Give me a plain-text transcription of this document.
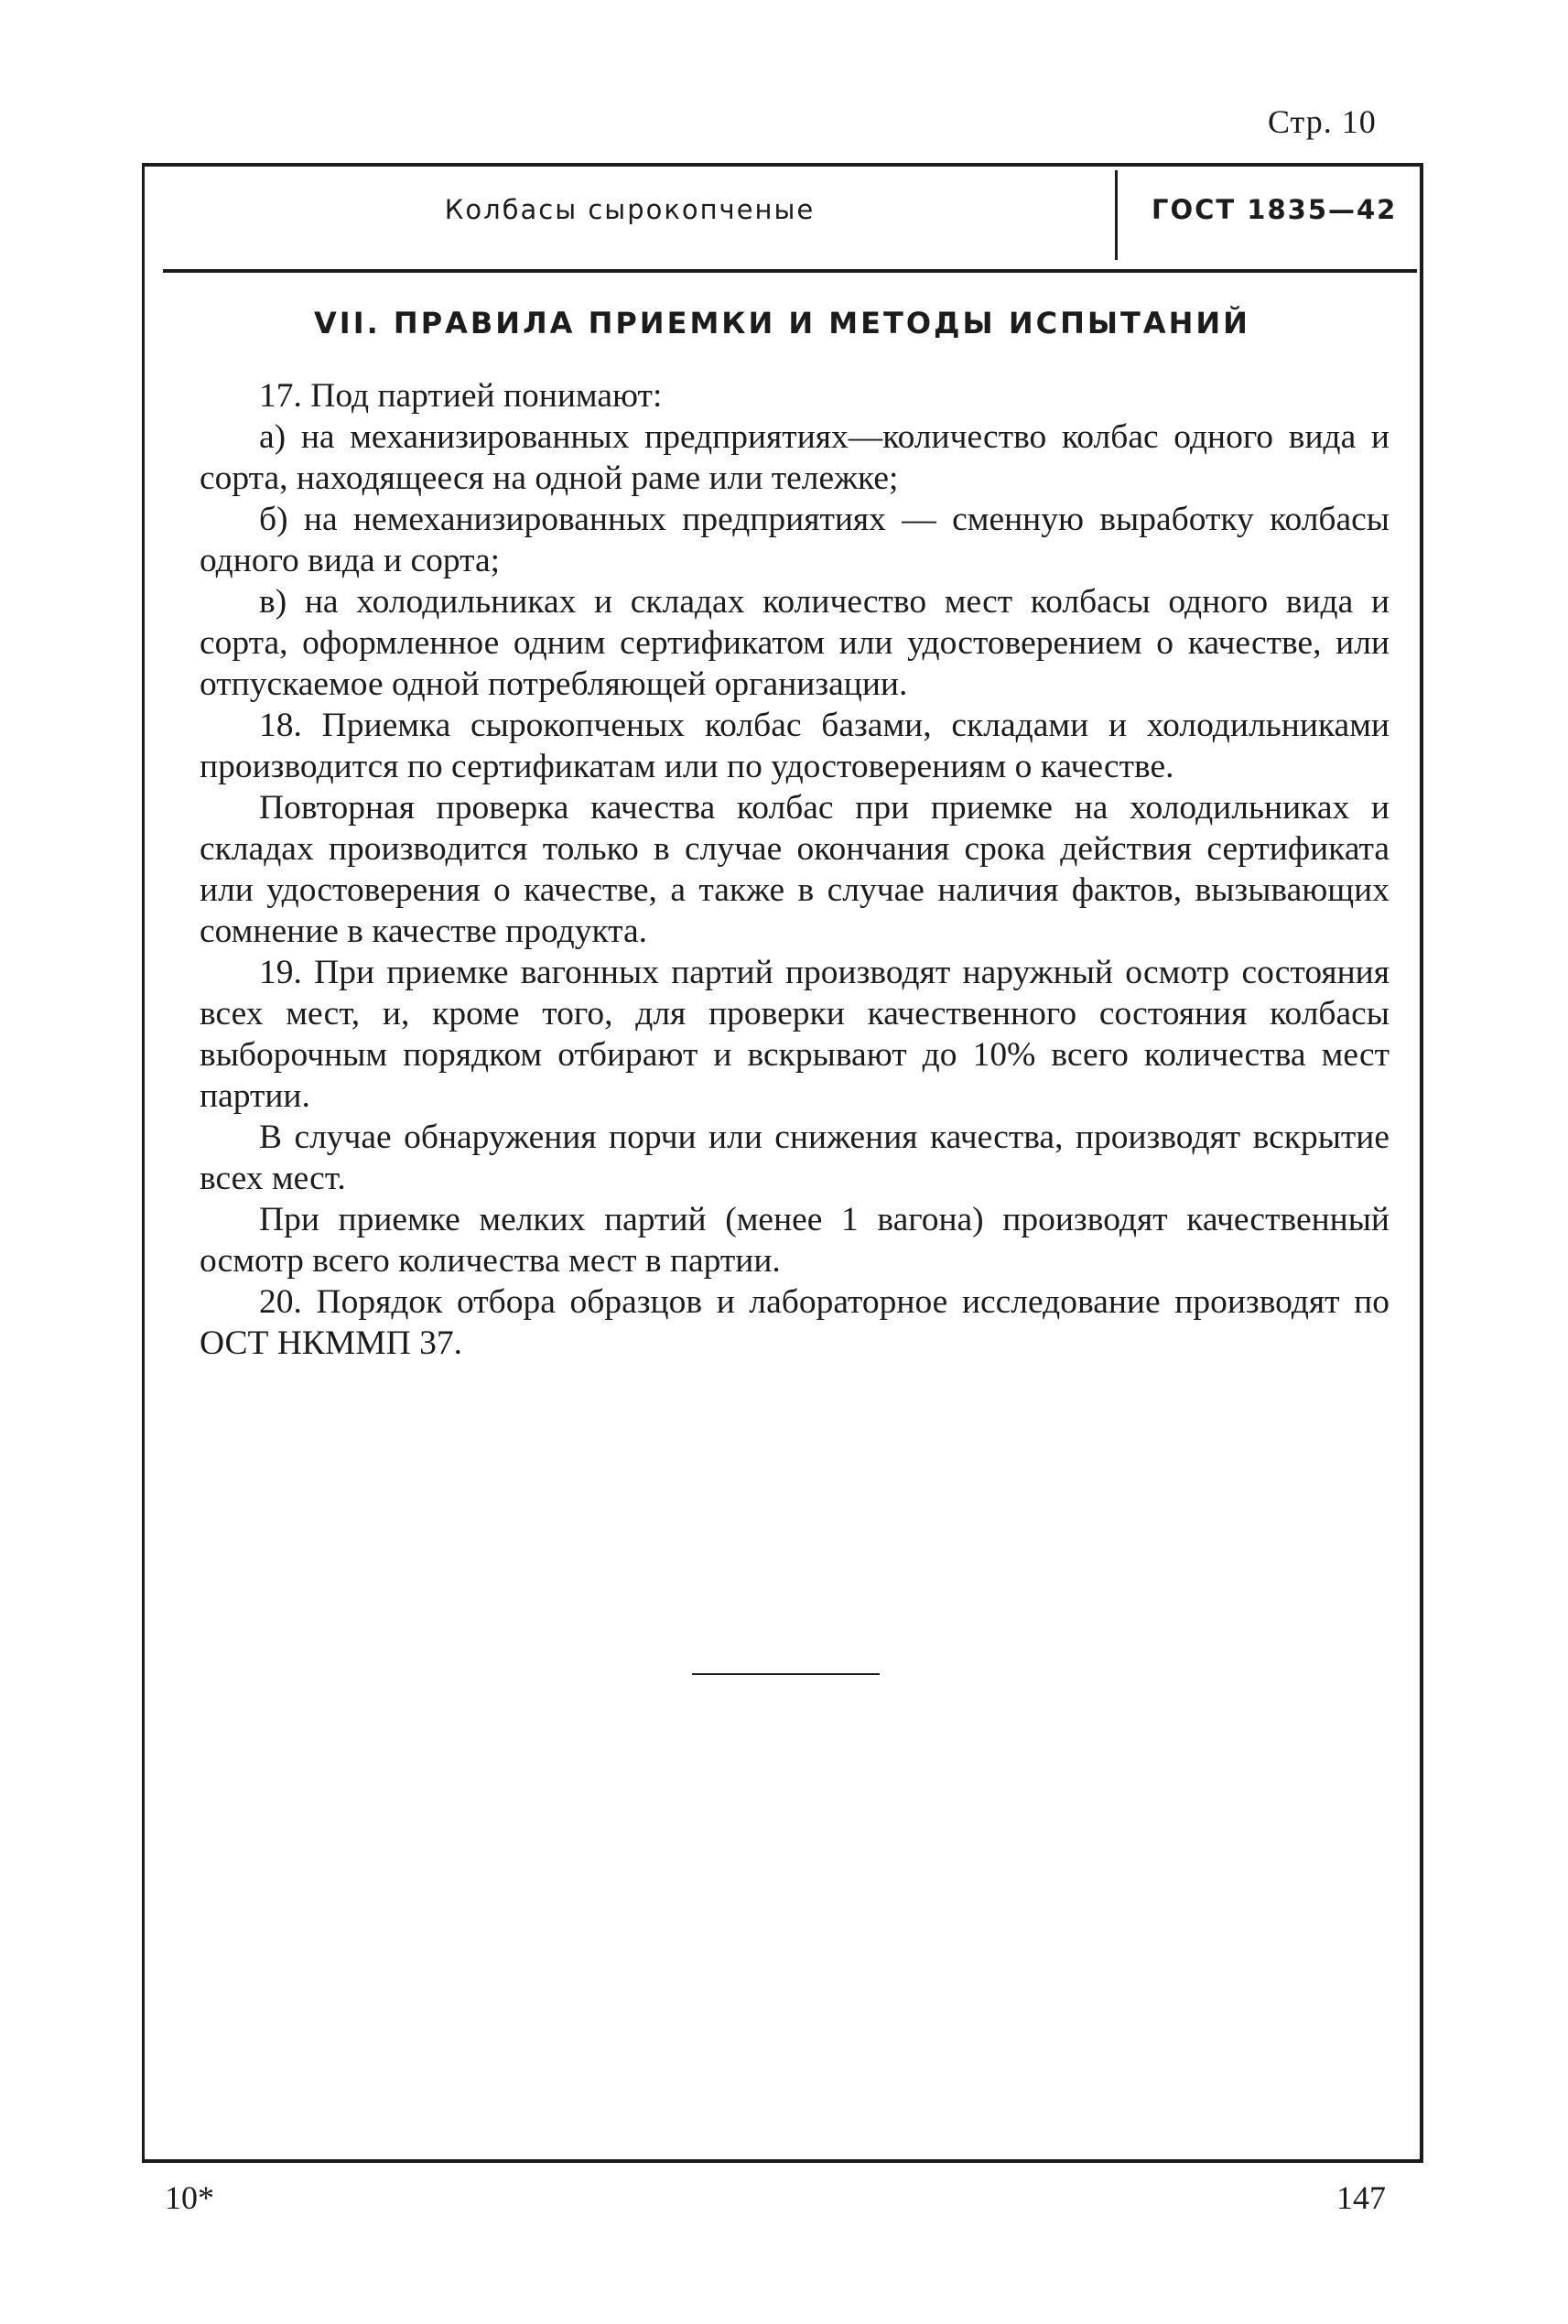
Стр. 10
Колбасы сырокопченые	ГОСТ 1835—42
VII. ПРАВИЛА ПРИЕМКИ И МЕТОДЫ ИСПЫТАНИЙ

17. Под партией понимают:

а) на механизированных предприятиях—количество колбас одного вида и сорта, находящееся на одной раме или тележке;

б) на немеханизированных предприятиях — сменную выработку колбасы одного вида и сорта;

в) на холодильниках и складах количество мест колбасы одного вида и сорта, оформленное одним сертификатом или удостоверением о качестве, или отпускаемое одной потребляющей организации.

18. Приемка сырокопченых колбас базами, складами и холодильниками производится по сертификатам или по удостоверениям о качестве.

Повторная проверка качества колбас при приемке на холодильниках и складах производится только в случае окончания срока действия сертификата или удостоверения о качестве, а также в случае наличия фактов, вызывающих сомнение в качестве продукта.

19. При приемке вагонных партий производят наружный осмотр состояния всех мест, и, кроме того, для проверки качественного состояния колбасы выборочным порядком отбирают и вскрывают до 10% всего количества мест партии.

В случае обнаружения порчи или снижения качества, производят вскрытие всех мест.

При приемке мелких партий (менее 1 вагона) производят качественный осмотр всего количества мест в партии.

20. Порядок отбора образцов и лабораторное исследование производят по ОСТ НКММП 37.

10*	147
